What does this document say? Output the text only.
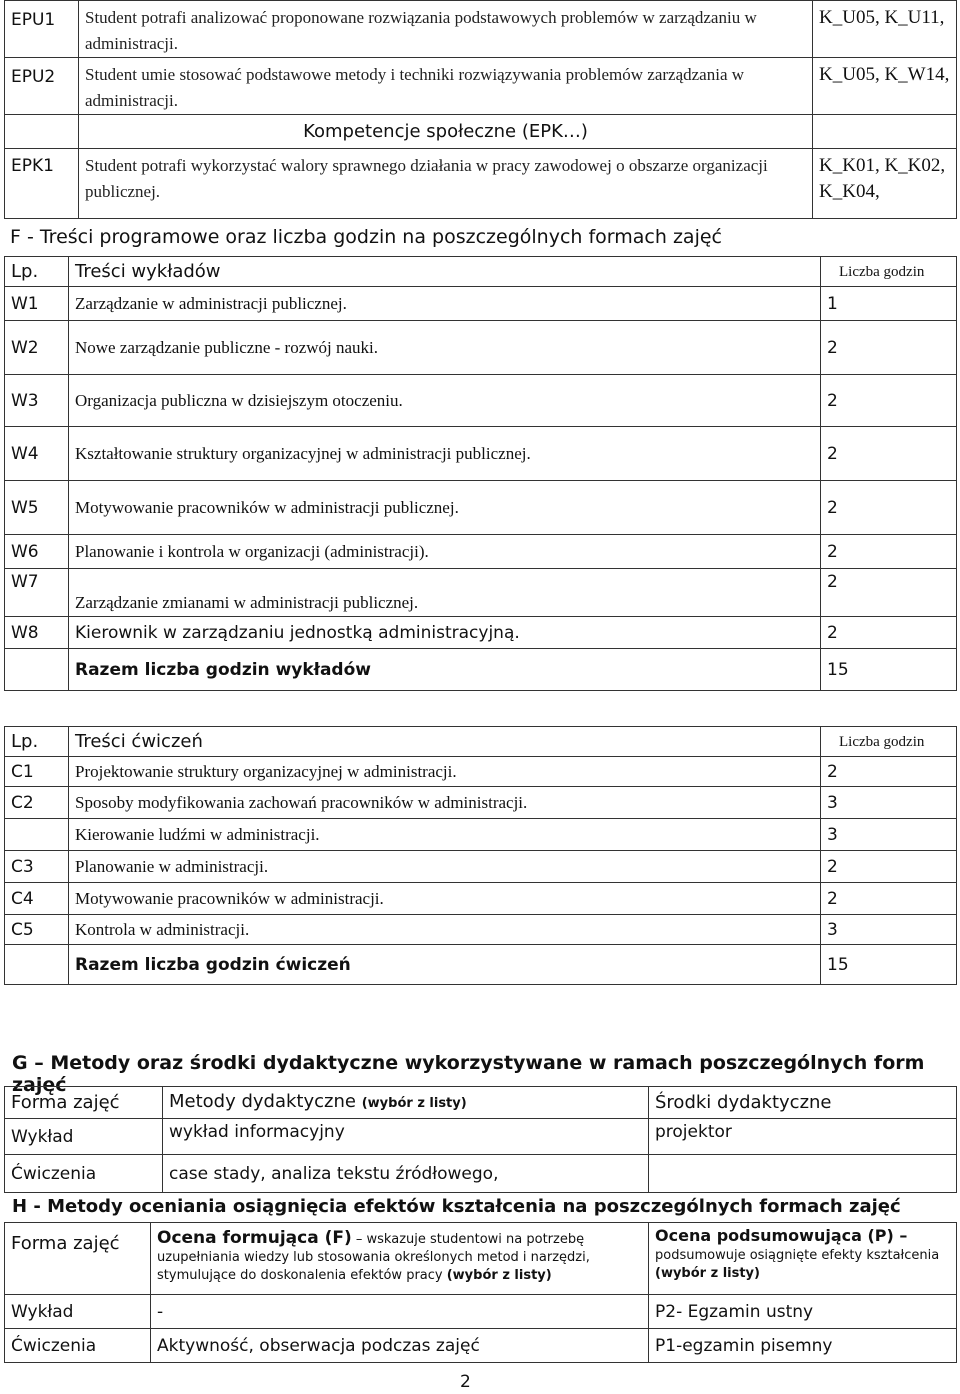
EPU1	Student potrafi analizować proponowane rozwiązania podstawowych problemów w zarządzaniu w administracji.	K_U05, K_U11,
EPU2	Student umie stosować podstawowe metody i techniki rozwiązywania problemów zarządzania w administracji.	K_U05, K_W14,
	Kompetencje społeczne (EPK…)	
EPK1	Student potrafi wykorzystać walory sprawnego działania w pracy zawodowej o obszarze organizacji publicznej.	K_K01, K_K02, K_K04,
F - Treści programowe oraz liczba godzin na poszczególnych formach zajęć
Lp.	Treści wykładów	Liczba godzin
W1	Zarządzanie w administracji publicznej.	1
W2	Nowe zarządzanie publiczne - rozwój nauki.	2
W3	Organizacja publiczna w dzisiejszym otoczeniu.	2
W4	Kształtowanie struktury organizacyjnej w administracji publicznej.	2
W5	Motywowanie pracowników w administracji publicznej.	2
W6	Planowanie i kontrola w organizacji (administracji).	2
W7	Zarządzanie zmianami w administracji publicznej.	2
W8	Kierownik w zarządzaniu jednostką administracyjną.	2
	Razem liczba godzin wykładów	15
Lp.	Treści ćwiczeń	Liczba godzin
C1	Projektowanie struktury organizacyjnej w administracji.	2
C2	Sposoby modyfikowania zachowań pracowników w administracji.	3
	Kierowanie ludźmi w administracji.	3
C3	Planowanie w administracji.	2
C4	Motywowanie pracowników w administracji.	2
C5	Kontrola w administracji.	3
	Razem liczba godzin ćwiczeń	15
G – Metody oraz środki dydaktyczne wykorzystywane w ramach poszczególnych form zajęć
Forma zajęć	Metody dydaktyczne (wybór z listy)	Środki dydaktyczne
Wykład	wykład informacyjny	projektor
Ćwiczenia	case stady, analiza tekstu źródłowego,	
H - Metody oceniania osiągnięcia efektów kształcenia na poszczególnych formach zajęć
Forma zajęć	Ocena formująca (F) – wskazuje studentowi na potrzebę uzupełniania wiedzy lub stosowania określonych metod i narzędzi, stymulujące do doskonalenia efektów pracy (wybór z listy)	Ocena podsumowująca (P) –
podsumowuje osiągnięte efekty kształcenia
(wybór z listy)
Wykład	-	P2- Egzamin ustny
Ćwiczenia	Aktywność, obserwacja podczas zajęć	P1-egzamin pisemny
2
